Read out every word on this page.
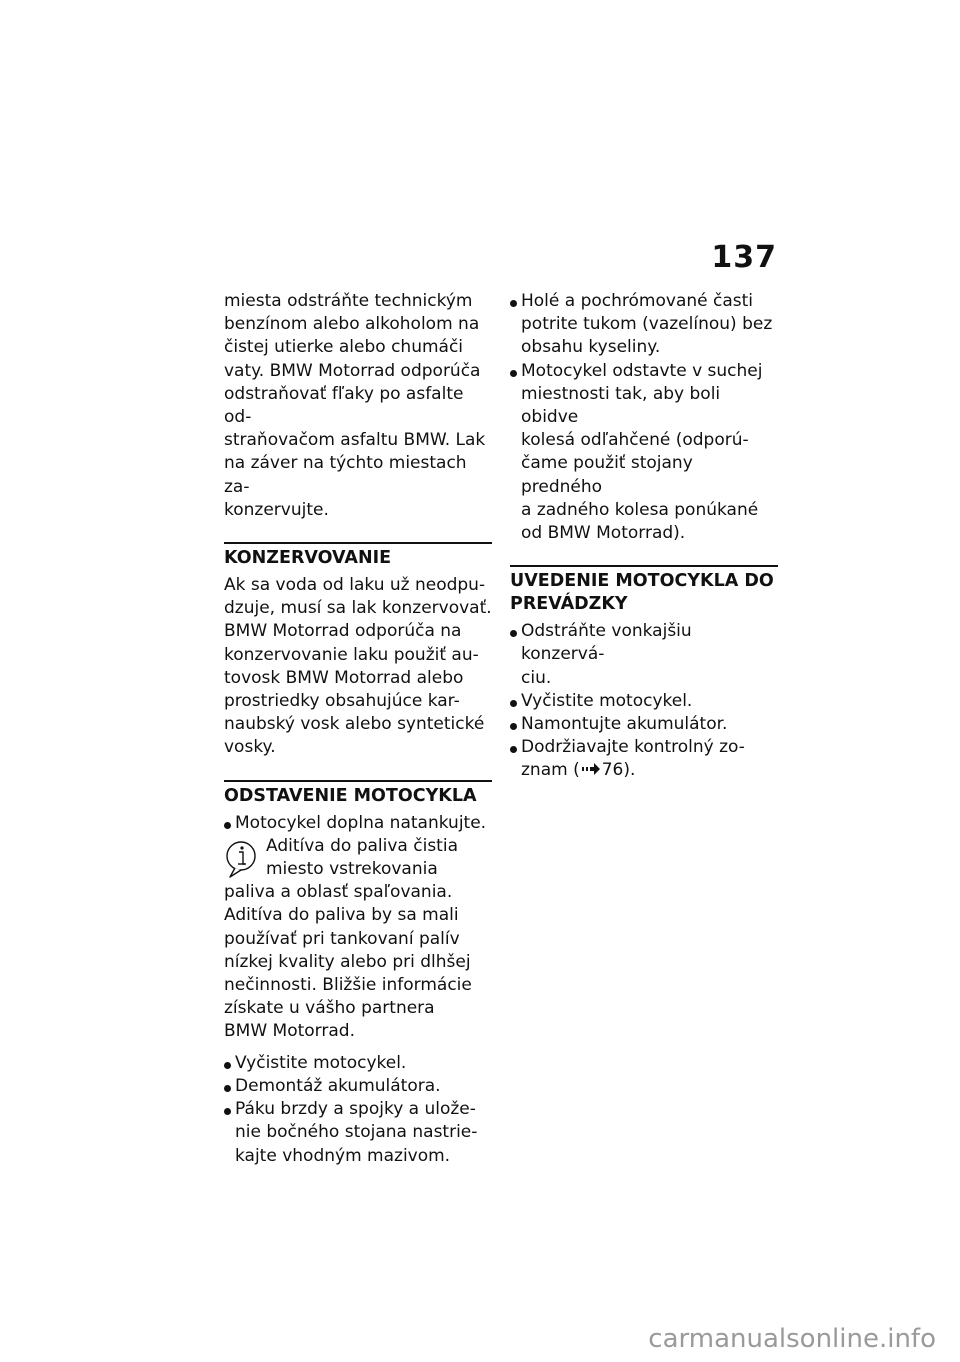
137

miesta odstráňte technickým
benzínom alebo alkoholom na
čistej utierke alebo chumáči
vaty. BMW Motorrad odporúča
odstraňovať fľaky po asfalte od-
straňovačom asfaltu BMW. Lak
na záver na týchto miestach za-
konzervujte.

KONZERVOVANIE

Ak sa voda od laku už neodpu-
dzuje, musí sa lak konzervovať.
BMW Motorrad odporúča na
konzervovanie laku použiť au-
tovosk BMW Motorrad alebo
prostriedky obsahujúce kar-
naubský vosk alebo syntetické
vosky.

ODSTAVENIE MOTOCYKLA
Motocykel doplna natankujte.
Aditíva do paliva čistia
miesto vstrekovania
paliva a oblasť spaľovania.
Aditíva do paliva by sa mali
používať pri tankovaní palív
nízkej kvality alebo pri dlhšej
nečinnosti. Bližšie informácie
získate u vášho partnera
BMW Motorrad.
Vyčistite motocykel.
Demontáž akumulátora.
Páku brzdy a spojky a ulože-
nie bočného stojana nastrie-
kajte vhodným mazivom.
Holé a pochrómované časti
potrite tukom (vazelínou) bez
obsahu kyseliny.
Motocykel odstavte v suchej
miestnosti tak, aby boli obidve
kolesá odľahčené (odporú-
čame použiť stojany predného
a zadného kolesa ponúkané
od BMW Motorrad).
UVEDENIE MOTOCYKLA DO
PREVÁDZKY
Odstráňte vonkajšiu konzervá-
ciu.
Vyčistite motocykel.
Namontujte akumulátor.
Dodržiavajte kontrolný zo-
znam ( 76).
carmanualsonline.info
